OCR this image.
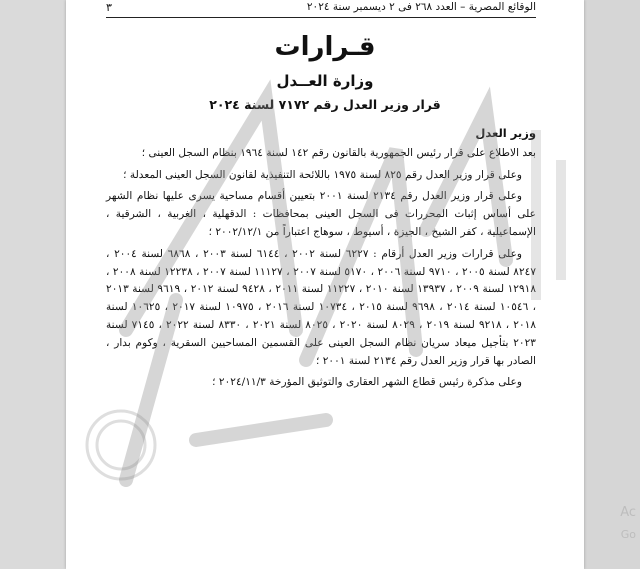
Ac
Go
الوقائع المصرية – العدد ٢٦٨ فى ٢ ديسمبر سنة ٢٠٢٤
٣
قـرارات
وزارة العــدل
قرار وزير العدل رقم ٧١٧٢ لسنة ٢٠٢٤

وزير العدل

بعد الاطلاع على قرار رئيس الجمهورية بالقانون رقم ١٤٢ لسنة ١٩٦٤ بنظام السجل العينى ؛

وعلى قرار وزير العدل رقم ٨٢٥ لسنة ١٩٧٥ باللائحة التنفيذية لقانون السجل العينى المعدلة ؛

وعلى قرار وزير العدل رقم ٢١٣٤ لسنة ٢٠٠١ بتعيين أقسام مساحية يسرى عليها نظام الشهر على أساس إثبات المحررات فى السجل العينى بمحافظات : الدقهلية ، الغربية ، الشرقية ، الإسماعيلية ، كفر الشيخ ، الجيزة ، أسيوط ، سوهاج اعتباراً من ٢٠٠٢/١٢/١ ؛

وعلى قرارات وزير العدل أرقام : ٦٢٢٧ لسنة ٢٠٠٢ ، ٦١٤٤ لسنة ٢٠٠٣ ، ٦٨٦٨ لسنة ٢٠٠٤ ، ٨٢٤٧ لسنة ٢٠٠٥ ، ٩٧١٠ لسنة ٢٠٠٦ ، ٥١٧٠ لسنة ٢٠٠٧ ، ١١١٢٧ لسنة ٢٠٠٧ ، ١٢٢٣٨ لسنة ٢٠٠٨ ، ١٢٩١٨ لسنة ٢٠٠٩ ، ١٣٩٣٧ لسنة ٢٠١٠ ، ١١٢٢٧ لسنة ٢٠١١ ، ٩٤٢٨ لسنة ٢٠١٢ ، ٩٦١٩ لسنة ٢٠١٣ ، ١٠٥٤٦ لسنة ٢٠١٤ ، ٩٦٩٨ لسنة ٢٠١٥ ، ١٠٧٣٤ لسنة ٢٠١٦ ، ١٠٩٧٥ لسنة ٢٠١٧ ، ١٠٦٢٥ لسنة ٢٠١٨ ، ٩٢١٨ لسنة ٢٠١٩ ، ٨٠٢٩ لسنة ٢٠٢٠ ، ٨٠٢٥ لسنة ٢٠٢١ ، ٨٣٣٠ لسنة ٢٠٢٢ ، ٧١٤٥ لسنة ٢٠٢٣ بتأجيل ميعاد سريان نظام السجل العينى على القسمين المساحيين السقرية ، وكوم بدار ، الصادر بها قرار وزير العدل رقم ٢١٣٤ لسنة ٢٠٠١ ؛

وعلى مذكرة رئيس قطاع الشهر العقارى والتوثيق المؤرخة ٢٠٢٤/١١/٣ ؛
